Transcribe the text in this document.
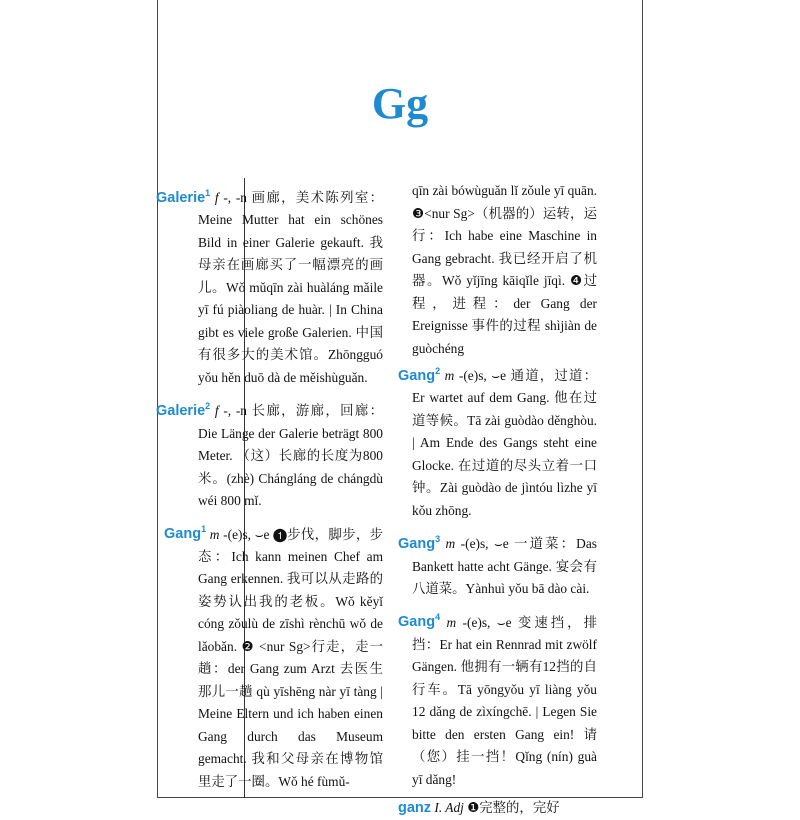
Gg

Galerie$^1$ f -, -n 画廊，美术陈列室：Meine Mutter hat ein schönes Bild in einer Galerie gekauft. 我母亲在画廊买了一幅漂亮的画儿。Wǒ mǔqīn zài huàláng mǎile yī fú piàoliang de huàr. | In China gibt es viele große Galerien. 中国有很多大的美术馆。Zhōngguó yǒu hěn duō dà de měishùguǎn.

Galerie$^2$ f -, -n 长廊，游廊，回廊：Die Länge der Galerie beträgt 800 Meter. （这）长廊的长度为800米。(zhè) Chángláng de chángdù wéi 800 mǐ.

Gang$^1$ m -(e)s, ⌣e ❶步伐，脚步，步态：Ich kann meinen Chef am Gang erkennen. 我可以从走路的姿势认出我的老板。Wǒ kěyǐ cóng zǒulù de zīshì rènchū wǒ de lǎobǎn. ❷ <nur Sg>行走，走一趟：der Gang zum Arzt 去医生那儿一趟 qù yīshēng nàr yī tàng | Meine Eltern und ich haben einen Gang durch das Museum gemacht. 我和父母亲在博物馆里走了一圈。Wǒ hé fùmǔ-

qīn zài bówùguǎn lǐ zǒule yī quān. ❸<nur Sg>（机器的）运转，运行：Ich habe eine Maschine in Gang gebracht. 我已经开启了机器。Wǒ yǐjīng kāiqǐle jīqì. ❹过程，进程：der Gang der Ereignisse 事件的过程 shìjiàn de guòchéng

Gang$^2$ m -(e)s, ⌣e 通道，过道：Er wartet auf dem Gang. 他在过道等候。Tā zài guòdào děnghòu. | Am Ende des Gangs steht eine Glocke. 在过道的尽头立着一口钟。Zài guòdào de jìntóu lìzhe yī kǒu zhōng.

Gang$^3$ m -(e)s, ⌣e 一道菜：Das Bankett hatte acht Gänge. 宴会有八道菜。Yànhuì yǒu bā dào cài.

Gang$^4$ m -(e)s, ⌣e 变速挡，排挡：Er hat ein Rennrad mit zwölf Gängen. 他拥有一辆有12挡的自行车。Tā yōngyǒu yī liàng yǒu 12 dǎng de zìxíngchē. | Legen Sie bitte den ersten Gang ein! 请（您）挂一挡！Qǐng (nín) guà yī dǎng!

ganz I. Adj ❶完整的，完好
